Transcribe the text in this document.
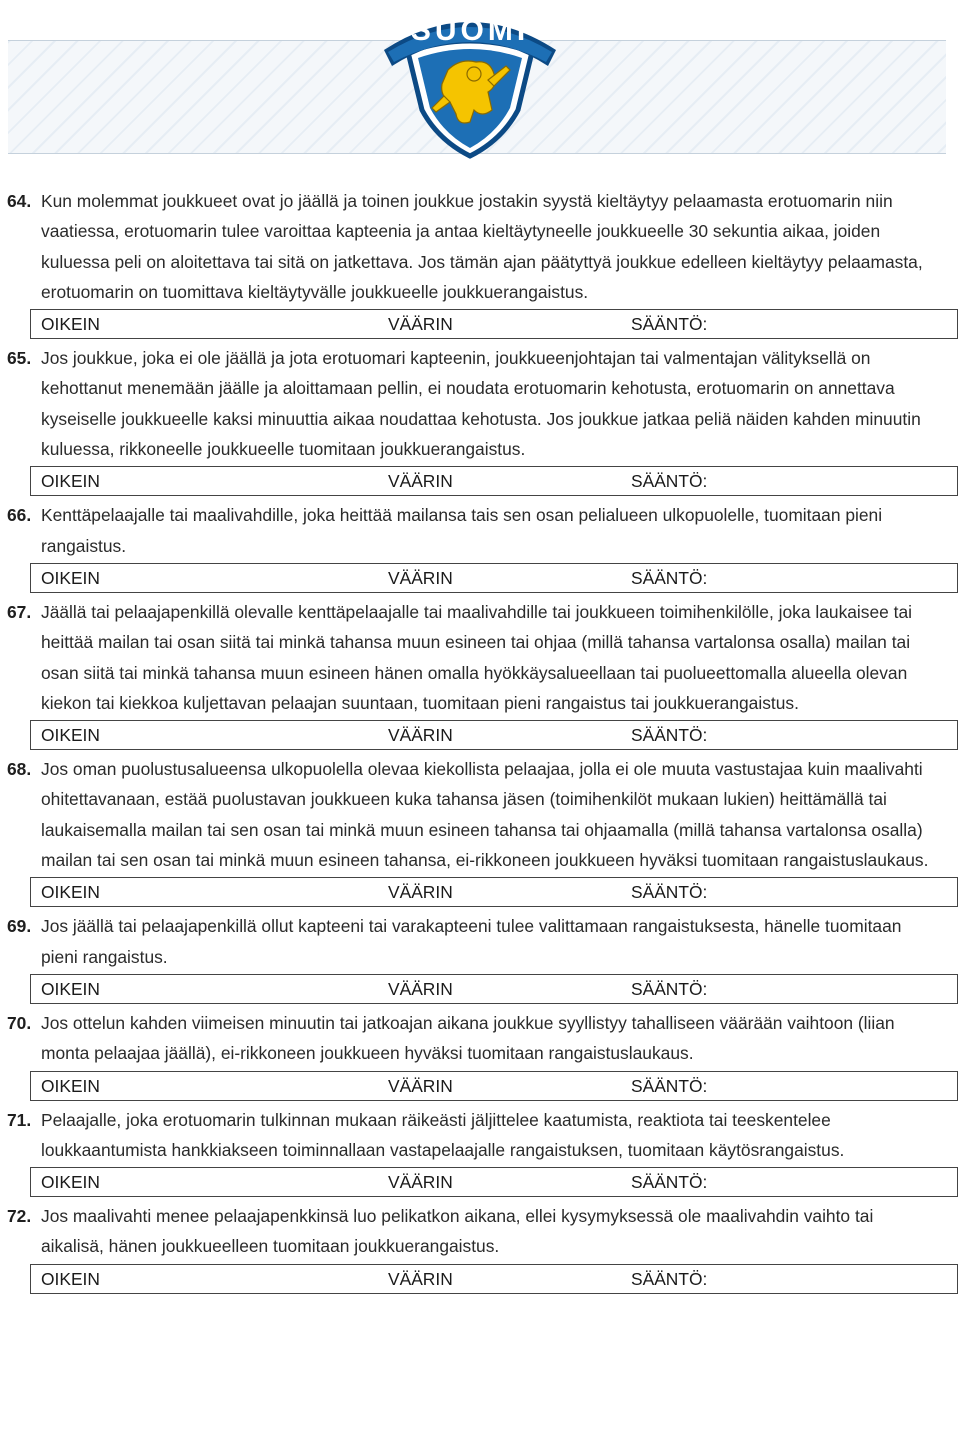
SUOMI
64. Kun molemmat joukkueet ovat jo jäällä ja toinen joukkue jostakin syystä kieltäytyy pelaamasta erotuomarin niin vaatiessa, erotuomarin tulee varoittaa kapteenia ja antaa kieltäytyneelle joukkueelle 30 sekuntia aikaa, joiden kuluessa peli on aloitettava tai sitä on jatkettava. Jos tämän ajan päätyttyä joukkue edelleen kieltäytyy pelaamasta, erotuomarin on tuomittava kieltäytyvälle joukkueelle joukkuerangaistus.
OIKEIN	VÄÄRIN	SÄÄNTÖ:
65. Jos joukkue, joka ei ole jäällä ja jota erotuomari kapteenin, joukkueenjohtajan tai valmentajan välityksellä on kehottanut menemään jäälle ja aloittamaan pellin, ei noudata erotuomarin kehotusta, erotuomarin on annettava kyseiselle joukkueelle kaksi minuuttia aikaa noudattaa kehotusta. Jos joukkue jatkaa peliä näiden kahden minuutin kuluessa, rikkoneelle joukkueelle tuomitaan joukkuerangaistus.
OIKEIN	VÄÄRIN	SÄÄNTÖ:
66. Kenttäpelaajalle tai maalivahdille, joka heittää mailansa tais sen osan pelialueen ulkopuolelle, tuomitaan pieni rangaistus.
OIKEIN	VÄÄRIN	SÄÄNTÖ:
67. Jäällä tai pelaajapenkillä olevalle kenttäpelaajalle tai maalivahdille tai joukkueen toimihenkilölle, joka laukaisee tai heittää mailan tai osan siitä tai minkä tahansa muun esineen tai ohjaa (millä tahansa vartalonsa osalla) mailan tai osan siitä tai minkä tahansa muun esineen hänen omalla hyökkäysalueellaan tai puolueettomalla alueella olevan kiekon tai kiekkoa kuljettavan pelaajan suuntaan, tuomitaan pieni rangaistus tai joukkuerangaistus.
OIKEIN	VÄÄRIN	SÄÄNTÖ:
68. Jos oman puolustusalueensa ulkopuolella olevaa kiekollista pelaajaa, jolla ei ole muuta vastustajaa kuin maalivahti ohitettavanaan, estää puolustavan joukkueen kuka tahansa jäsen (toimihenkilöt mukaan lukien) heittämällä tai laukaisemalla mailan tai sen osan tai minkä muun esineen tahansa tai ohjaamalla (millä tahansa vartalonsa osalla) mailan tai sen osan tai minkä muun esineen tahansa, ei-rikkoneen joukkueen hyväksi tuomitaan rangaistuslaukaus.
OIKEIN	VÄÄRIN	SÄÄNTÖ:
69. Jos jäällä tai pelaajapenkillä ollut kapteeni tai varakapteeni tulee valittamaan rangaistuksesta, hänelle tuomitaan pieni rangaistus.
OIKEIN	VÄÄRIN	SÄÄNTÖ:
70. Jos ottelun kahden viimeisen minuutin tai jatkoajan aikana joukkue syyllistyy tahalliseen väärään vaihtoon (liian monta pelaajaa jäällä), ei-rikkoneen joukkueen hyväksi tuomitaan rangaistuslaukaus.
OIKEIN	VÄÄRIN	SÄÄNTÖ:
71. Pelaajalle, joka erotuomarin tulkinnan mukaan räikeästi jäljittelee kaatumista, reaktiota tai teeskentelee loukkaantumista hankkiakseen toiminnallaan vastapelaajalle rangaistuksen, tuomitaan käytösrangaistus.
OIKEIN	VÄÄRIN	SÄÄNTÖ:
72. Jos maalivahti menee pelaajapenkkinsä luo pelikatkon aikana, ellei kysymyksessä ole maalivahdin vaihto tai aikalisä, hänen joukkueelleen tuomitaan joukkuerangaistus.
OIKEIN	VÄÄRIN	SÄÄNTÖ:
